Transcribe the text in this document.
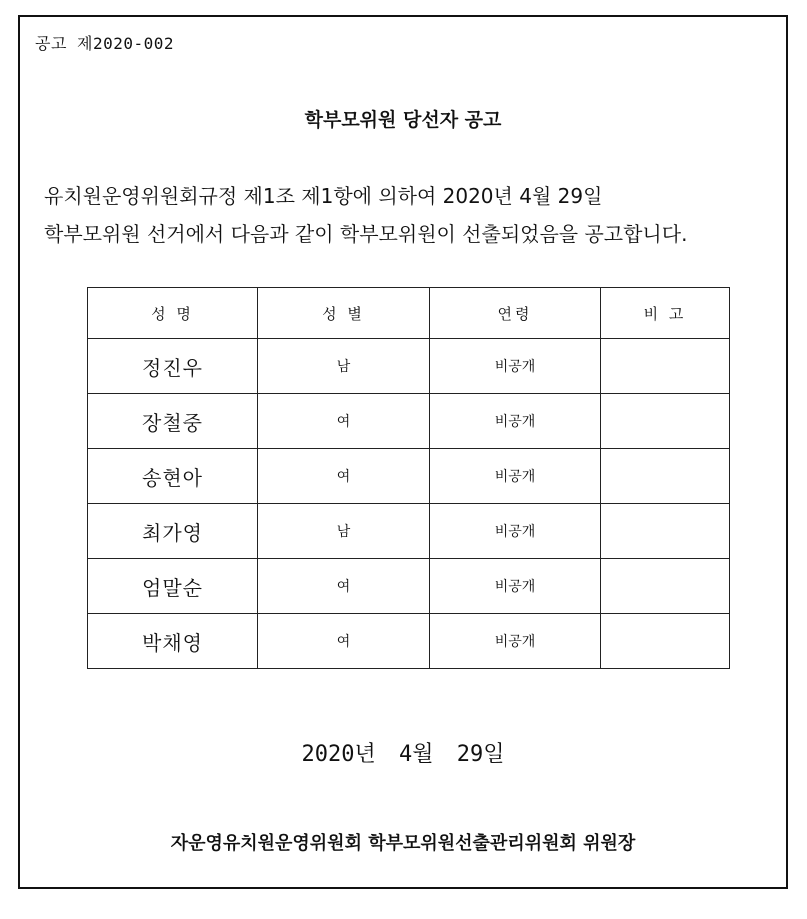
공고 제2020-002
학부모위원 당선자 공고
유치원운영위원회규정 제1조 제1항에 의하여 2020년 4월 29일
학부모위원 선거에서 다음과 같이 학부모위원이 선출되었음을 공고합니다.
성 명	성 별	연령	비 고
정진우	남	비공개	
장철중	여	비공개	
송현아	여	비공개	
최가영	남	비공개	
엄말순	여	비공개	
박채영	여	비공개	
2020년 4월 29일
자운영유치원운영위원회 학부모위원선출관리위원회 위원장
